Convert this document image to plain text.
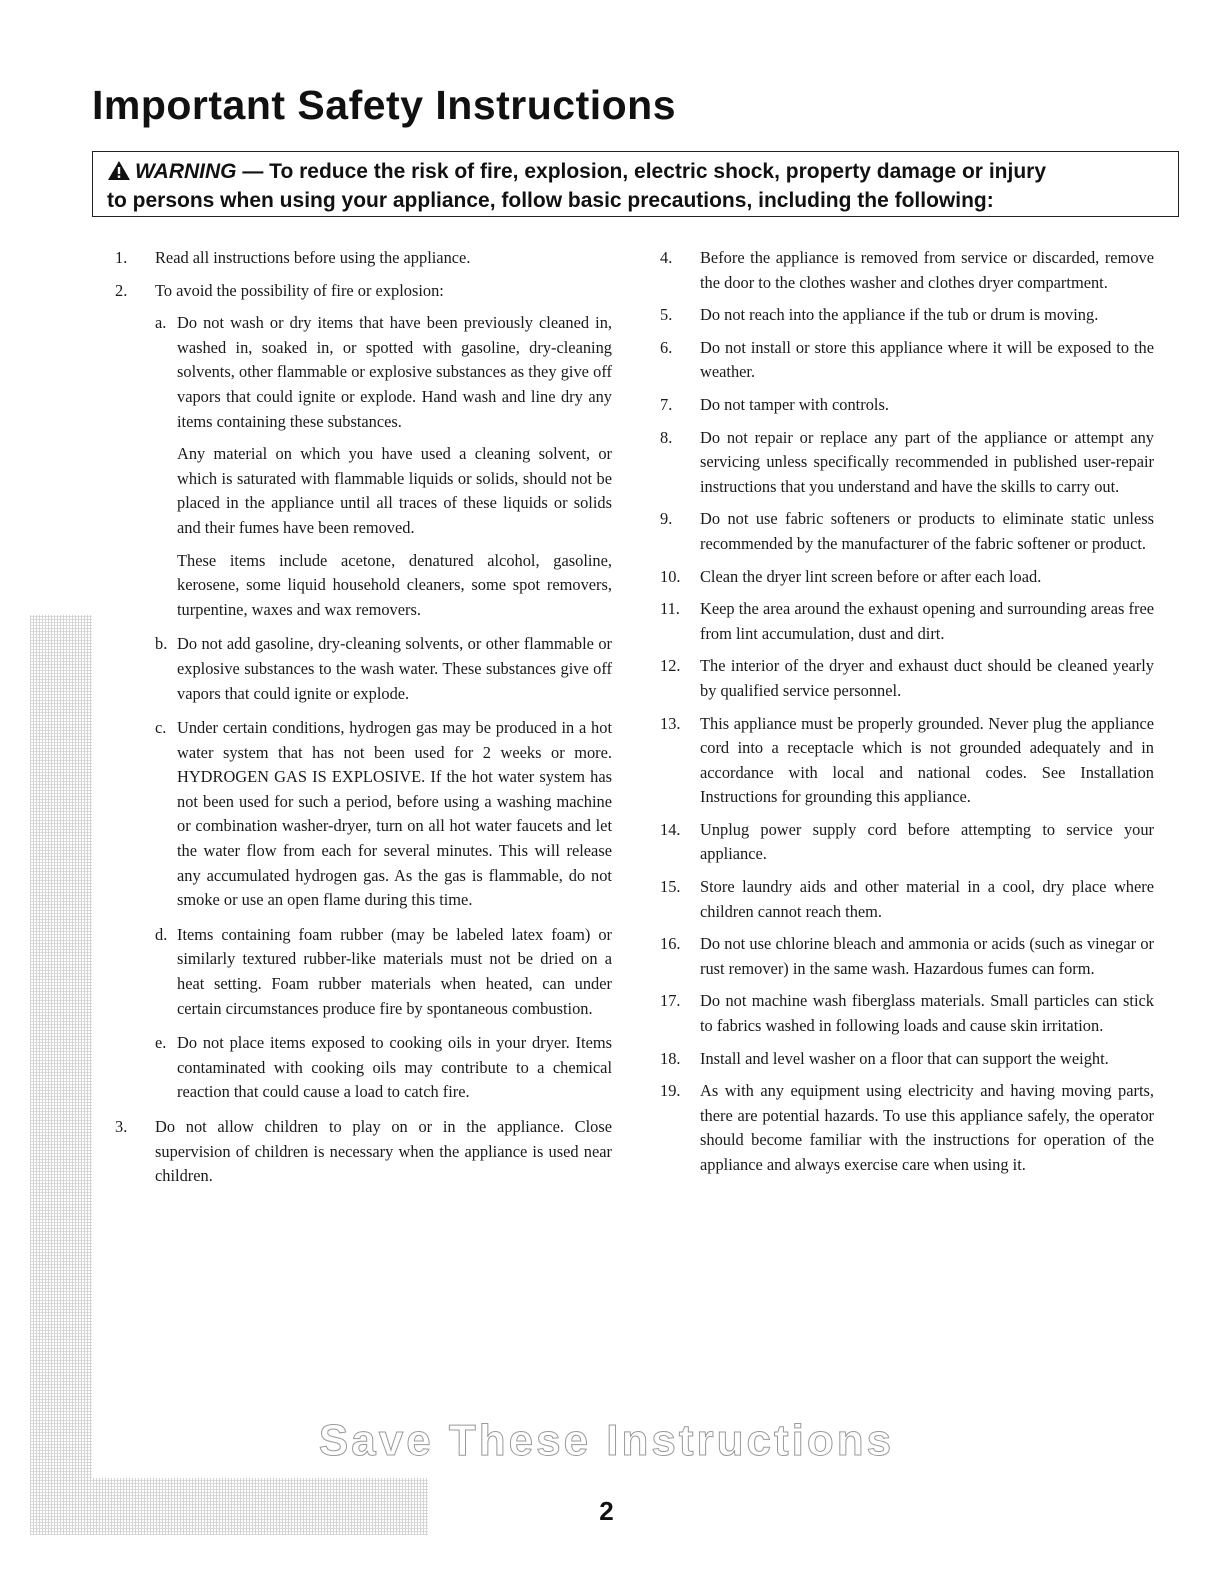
Important Safety Instructions
WARNING — To reduce the risk of fire, explosion, electric shock, property damage or injury
to persons when using your appliance, follow basic precautions, including the following:
1. Read all instructions before using the appliance.
2. To avoid the possibility of fire or explosion:
a. Do not wash or dry items that have been previously cleaned in, washed in, soaked in, or spotted with gasoline, dry-cleaning solvents, other flammable or explosive substances as they give off vapors that could ignite or explode. Hand wash and line dry any items containing these substances.

Any material on which you have used a cleaning solvent, or which is saturated with flammable liquids or solids, should not be placed in the appliance until all traces of these liquids or solids and their fumes have been removed.

These items include acetone, denatured alcohol, gasoline, kerosene, some liquid household cleaners, some spot removers, turpentine, waxes and wax removers.

b. Do not add gasoline, dry-cleaning solvents, or other flammable or explosive substances to the wash water. These substances give off vapors that could ignite or explode.

c. Under certain conditions, hydrogen gas may be produced in a hot water system that has not been used for 2 weeks or more. HYDROGEN GAS IS EXPLOSIVE. If the hot water system has not been used for such a period, before using a washing machine or combination washer-dryer, turn on all hot water faucets and let the water flow from each for several minutes. This will release any accumulated hydrogen gas. As the gas is flammable, do not smoke or use an open flame during this time.

d. Items containing foam rubber (may be labeled latex foam) or similarly textured rubber-like materials must not be dried on a heat setting. Foam rubber materials when heated, can under certain circumstances produce fire by spontaneous combustion.

e. Do not place items exposed to cooking oils in your dryer. Items contaminated with cooking oils may contribute to a chemical reaction that could cause a load to catch fire.

3. Do not allow children to play on or in the appliance. Close supervision of children is necessary when the appliance is used near children.
4. Before the appliance is removed from service or discarded, remove the door to the clothes washer and clothes dryer compartment.
5. Do not reach into the appliance if the tub or drum is moving.
6. Do not install or store this appliance where it will be exposed to the weather.
7. Do not tamper with controls.
8. Do not repair or replace any part of the appliance or attempt any servicing unless specifically recommended in published user-repair instructions that you understand and have the skills to carry out.
9. Do not use fabric softeners or products to eliminate static unless recommended by the manufacturer of the fabric softener or product.
10. Clean the dryer lint screen before or after each load.
11. Keep the area around the exhaust opening and surrounding areas free from lint accumulation, dust and dirt.
12. The interior of the dryer and exhaust duct should be cleaned yearly by qualified service personnel.
13. This appliance must be properly grounded. Never plug the appliance cord into a receptacle which is not grounded adequately and in accordance with local and national codes. See Installation Instructions for grounding this appliance.
14. Unplug power supply cord before attempting to service your appliance.
15. Store laundry aids and other material in a cool, dry place where children cannot reach them.
16. Do not use chlorine bleach and ammonia or acids (such as vinegar or rust remover) in the same wash. Hazardous fumes can form.
17. Do not machine wash fiberglass materials. Small particles can stick to fabrics washed in following loads and cause skin irritation.
18. Install and level washer on a floor that can support the weight.
19. As with any equipment using electricity and having moving parts, there are potential hazards. To use this appliance safely, the operator should become familiar with the instructions for operation of the appliance and always exercise care when using it.
Save These Instructions
2
